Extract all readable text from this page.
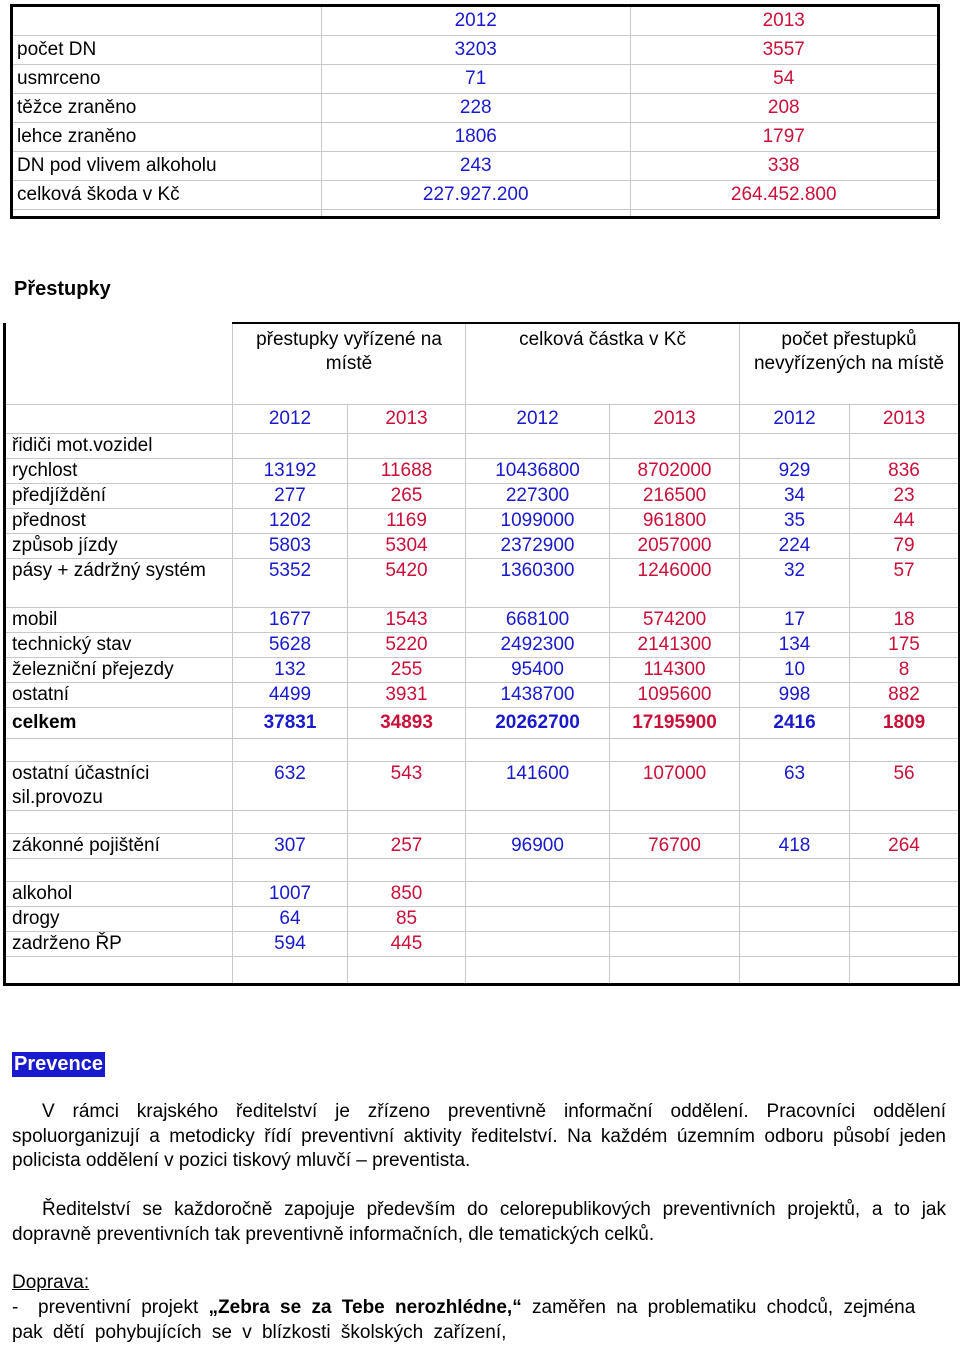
	2012	2013
počet DN	3203	3557
usmrceno	71	54
těžce zraněno	228	208
lehce zraněno	1806	1797
DN pod vlivem alkoholu	243	338
celková škoda v Kč	227.927.200	264.452.800

Přestupky
	přestupky vyřízené na místě		celková částka v Kč		počet přestupků nevyřízených na místě	
	2012	2013	2012	2013	2012	2013
řidiči mot.vozidel						
rychlost	13192	11688	10436800	8702000	929	836
předjíždění	277	265	227300	216500	34	23
přednost	1202	1169	1099000	961800	35	44
způsob jízdy	5803	5304	2372900	2057000	224	79
pásy + zádržný systém	5352	5420	1360300	1246000	32	57
mobil	1677	1543	668100	574200	17	18
technický stav	5628	5220	2492300	2141300	134	175
železniční přejezdy	132	255	95400	114300	10	8
ostatní	4499	3931	1438700	1095600	998	882
celkem	37831	34893	20262700	17195900	2416	1809

ostatní účastníci sil.provozu	632	543	141600	107000	63	56

zákonné pojištění	307	257	96900	76700	418	264

alkohol	1007	850				
drogy	64	85				
zadrženo ŘP	594	445				

Prevence

V rámci krajského ředitelství je zřízeno preventivně informační oddělení. Pracovníci oddělení spoluorganizují a metodicky řídí preventivní aktivity ředitelství. Na každém územním odboru působí jeden policista oddělení v pozici tiskový mluvčí – preventista.

Ředitelství se každoročně zapojuje především do celorepublikových preventivních projektů, a to jak dopravně preventivních tak preventivně informačních, dle tematických celků.

Doprava:
- preventivní projekt „Zebra se za Tebe nerozhlédne,“ zaměřen na problematiku chodců, zejména pak dětí pohybujících se v blízkosti školských zařízení,
